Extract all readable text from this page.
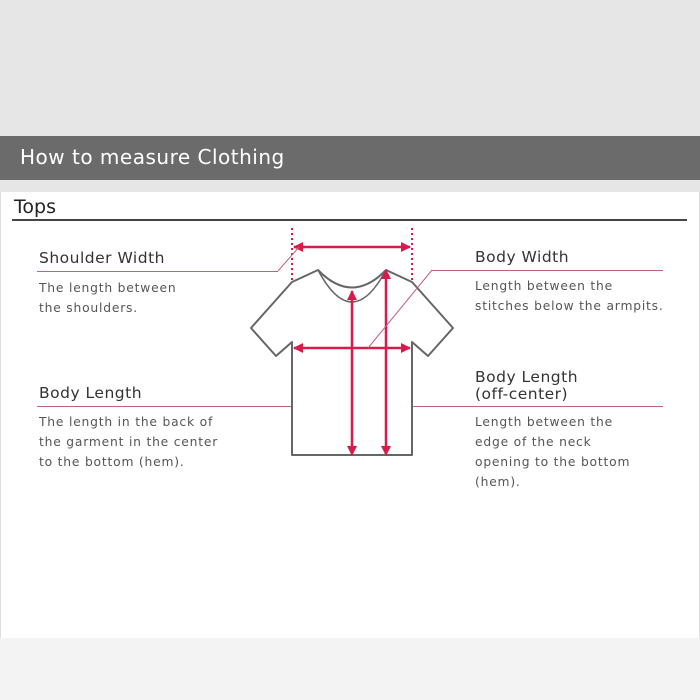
How to measure Clothing
Tops
Shoulder Width
The length between
the shoulders.
Body Width
Length between the
stitches below the armpits.
Body Length
The length in the back of
the garment in the center
to the bottom (hem).
Body Length
(off-center)
Length between the
edge of the neck
opening to the bottom
(hem).
